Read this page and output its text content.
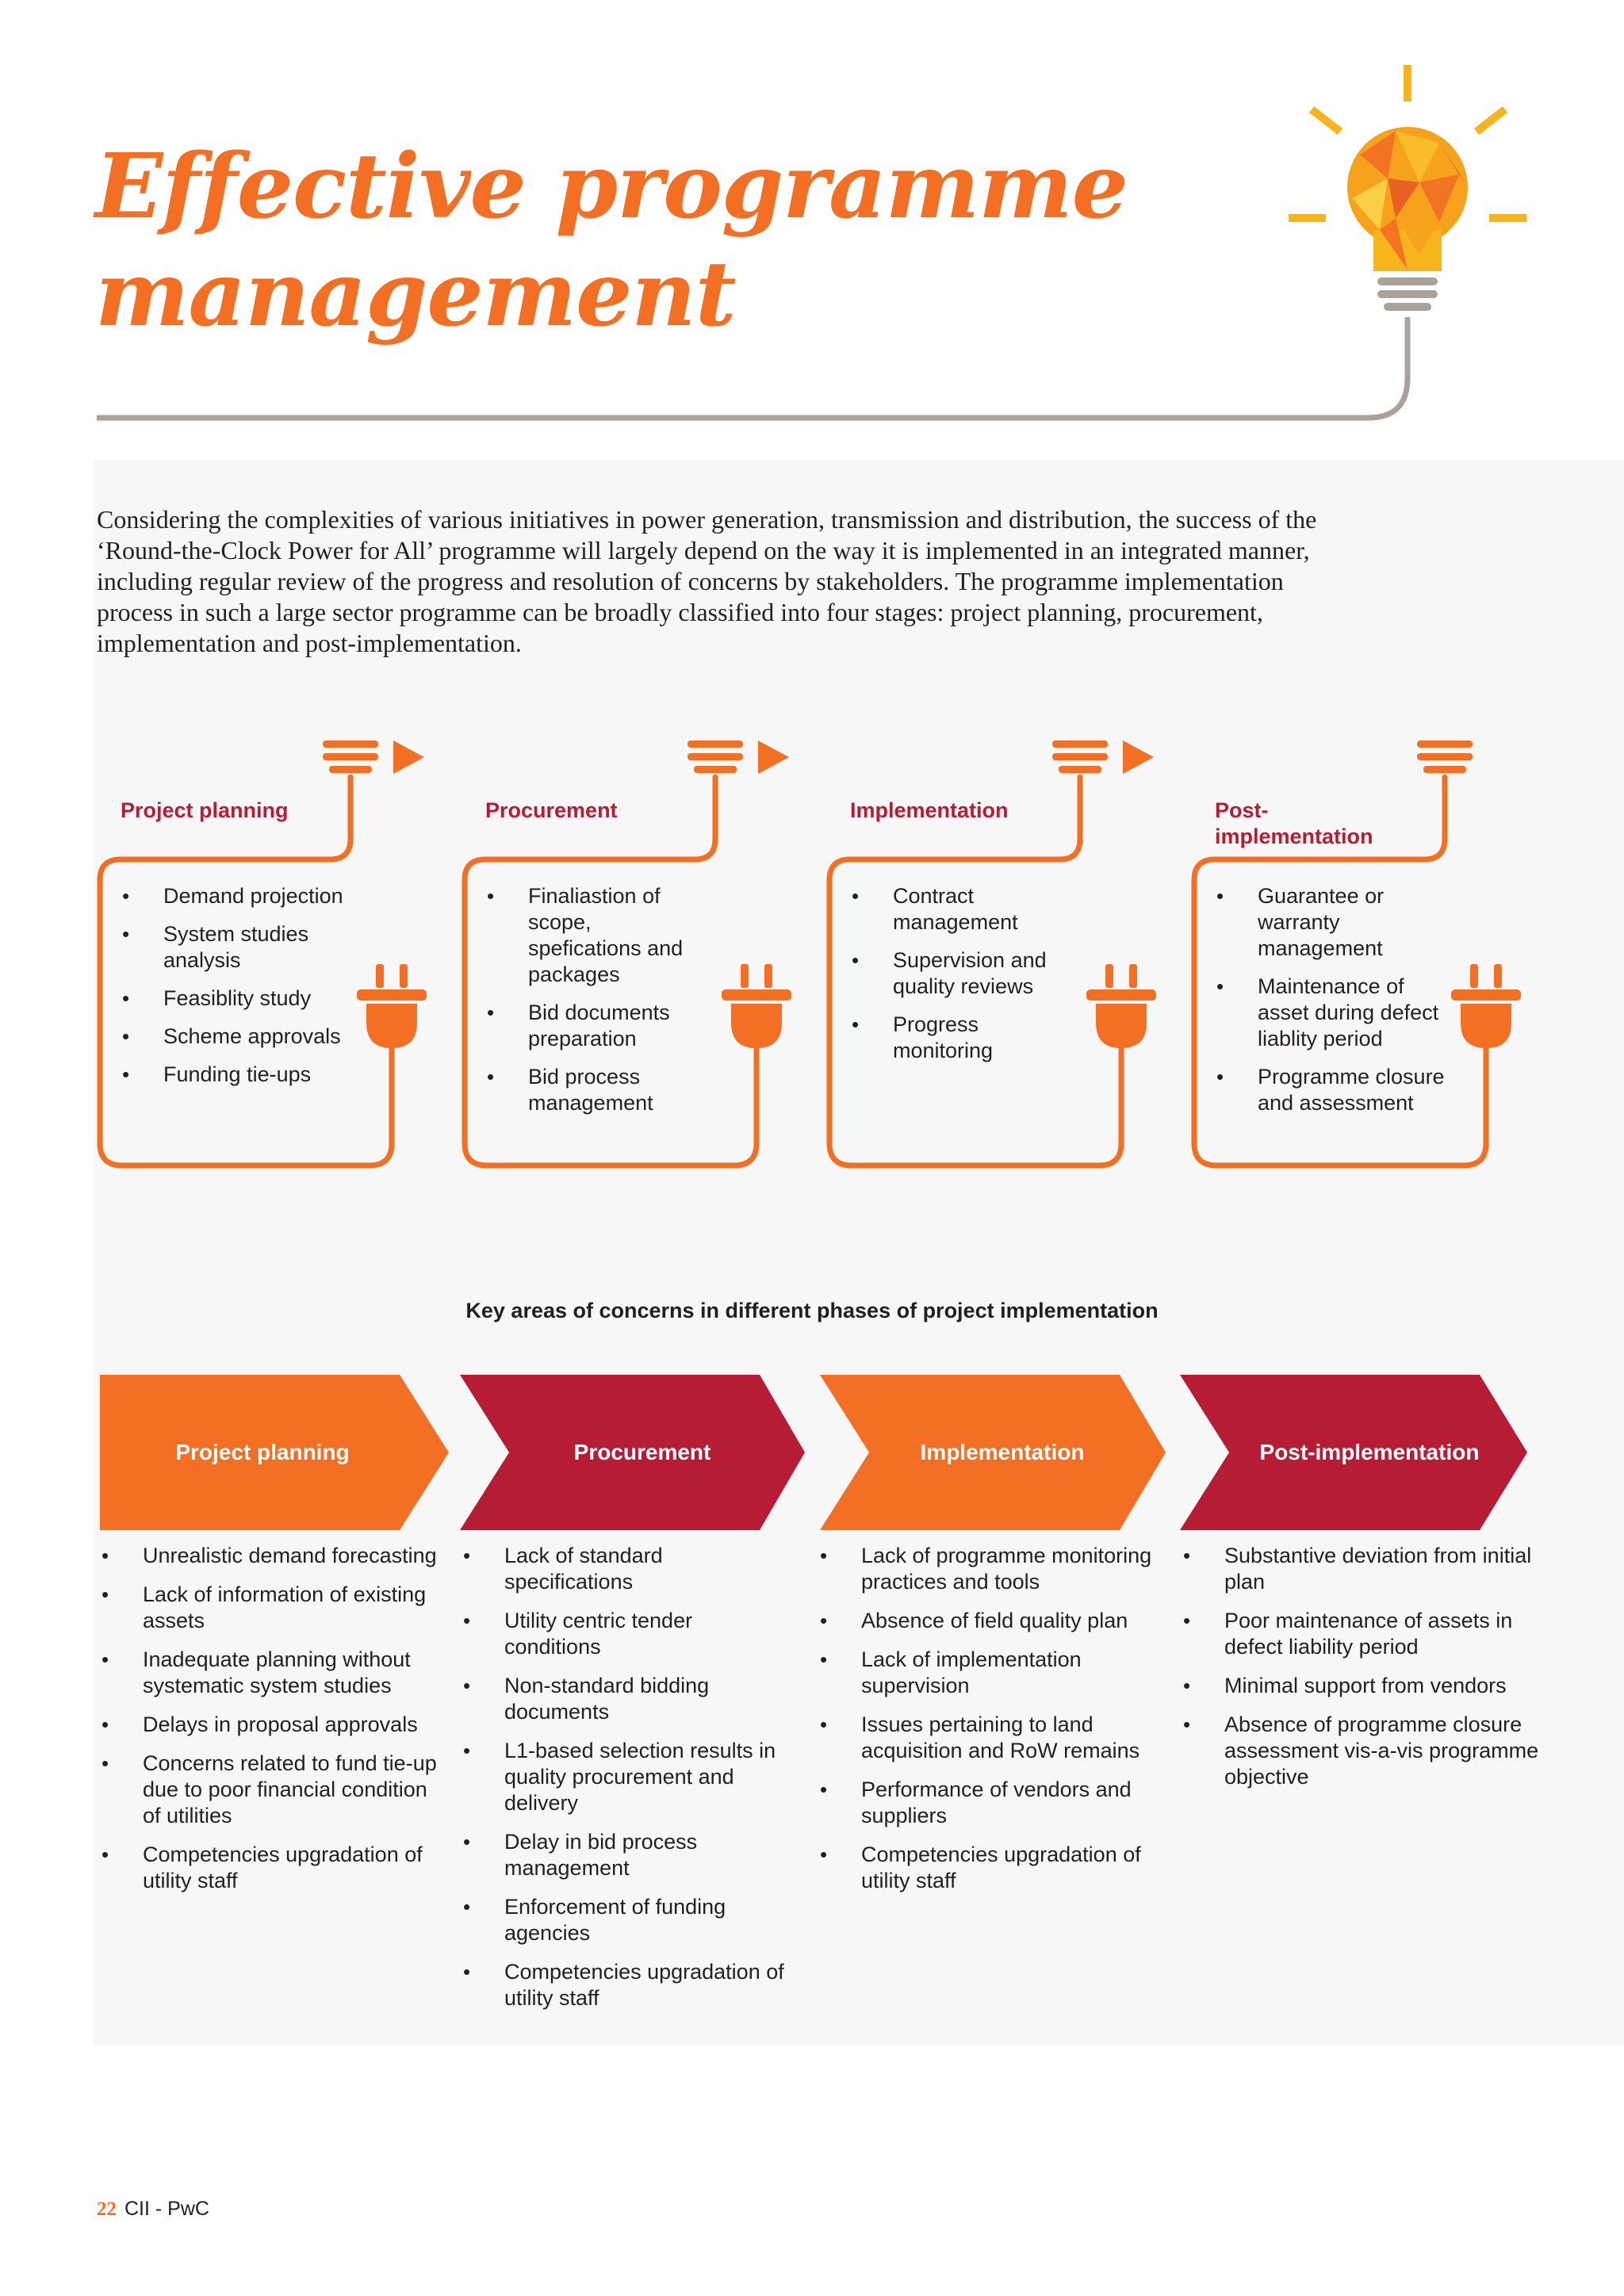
Effective programme
management

Considering the complexities of various initiatives in power generation, transmission and distribution, the success of the ‘Round-the-Clock Power for All’ programme will largely depend on the way it is implemented in an integrated manner, including regular review of the progress and resolution of concerns by stakeholders. The programme implementation process in such a large sector programme can be broadly classified into four stages: project planning, procurement, implementation and post-implementation.

Project planning	Procurement	Implementation	Post-implementation
• Demand projection
• System studies analysis
• Feasiblity study
• Scheme approvals
• Funding tie-ups
• Finaliastion of scope, spefications and packages
• Bid documents preparation
• Bid process management
• Contract management
• Supervision and quality reviews
• Progress monitoring
• Guarantee or warranty management
• Maintenance of asset during defect liablity period
• Programme closure and assessment
Key areas of concerns in different phases of project implementation
Project planning	Procurement	Implementation	Post-implementation
• Unrealistic demand forecasting
• Lack of information of existing assets
• Inadequate planning without systematic system studies
• Delays in proposal approvals
• Concerns related to fund tie-up due to poor financial condition of utilities
• Competencies upgradation of utility staff
• Lack of standard specifications
• Utility centric tender conditions
• Non-standard bidding documents
• L1-based selection results in quality procurement and delivery
• Delay in bid process management
• Enforcement of funding agencies
• Competencies upgradation of utility staff
• Lack of programme monitoring practices and tools
• Absence of field quality plan
• Lack of implementation supervision
• Issues pertaining to land acquisition and RoW remains
• Performance of vendors and suppliers
• Competencies upgradation of utility staff
• Substantive deviation from initial plan
• Poor maintenance of assets in defect liability period
• Minimal support from vendors
• Absence of programme closure assessment vis-a-vis programme objective
22 CII - PwC
